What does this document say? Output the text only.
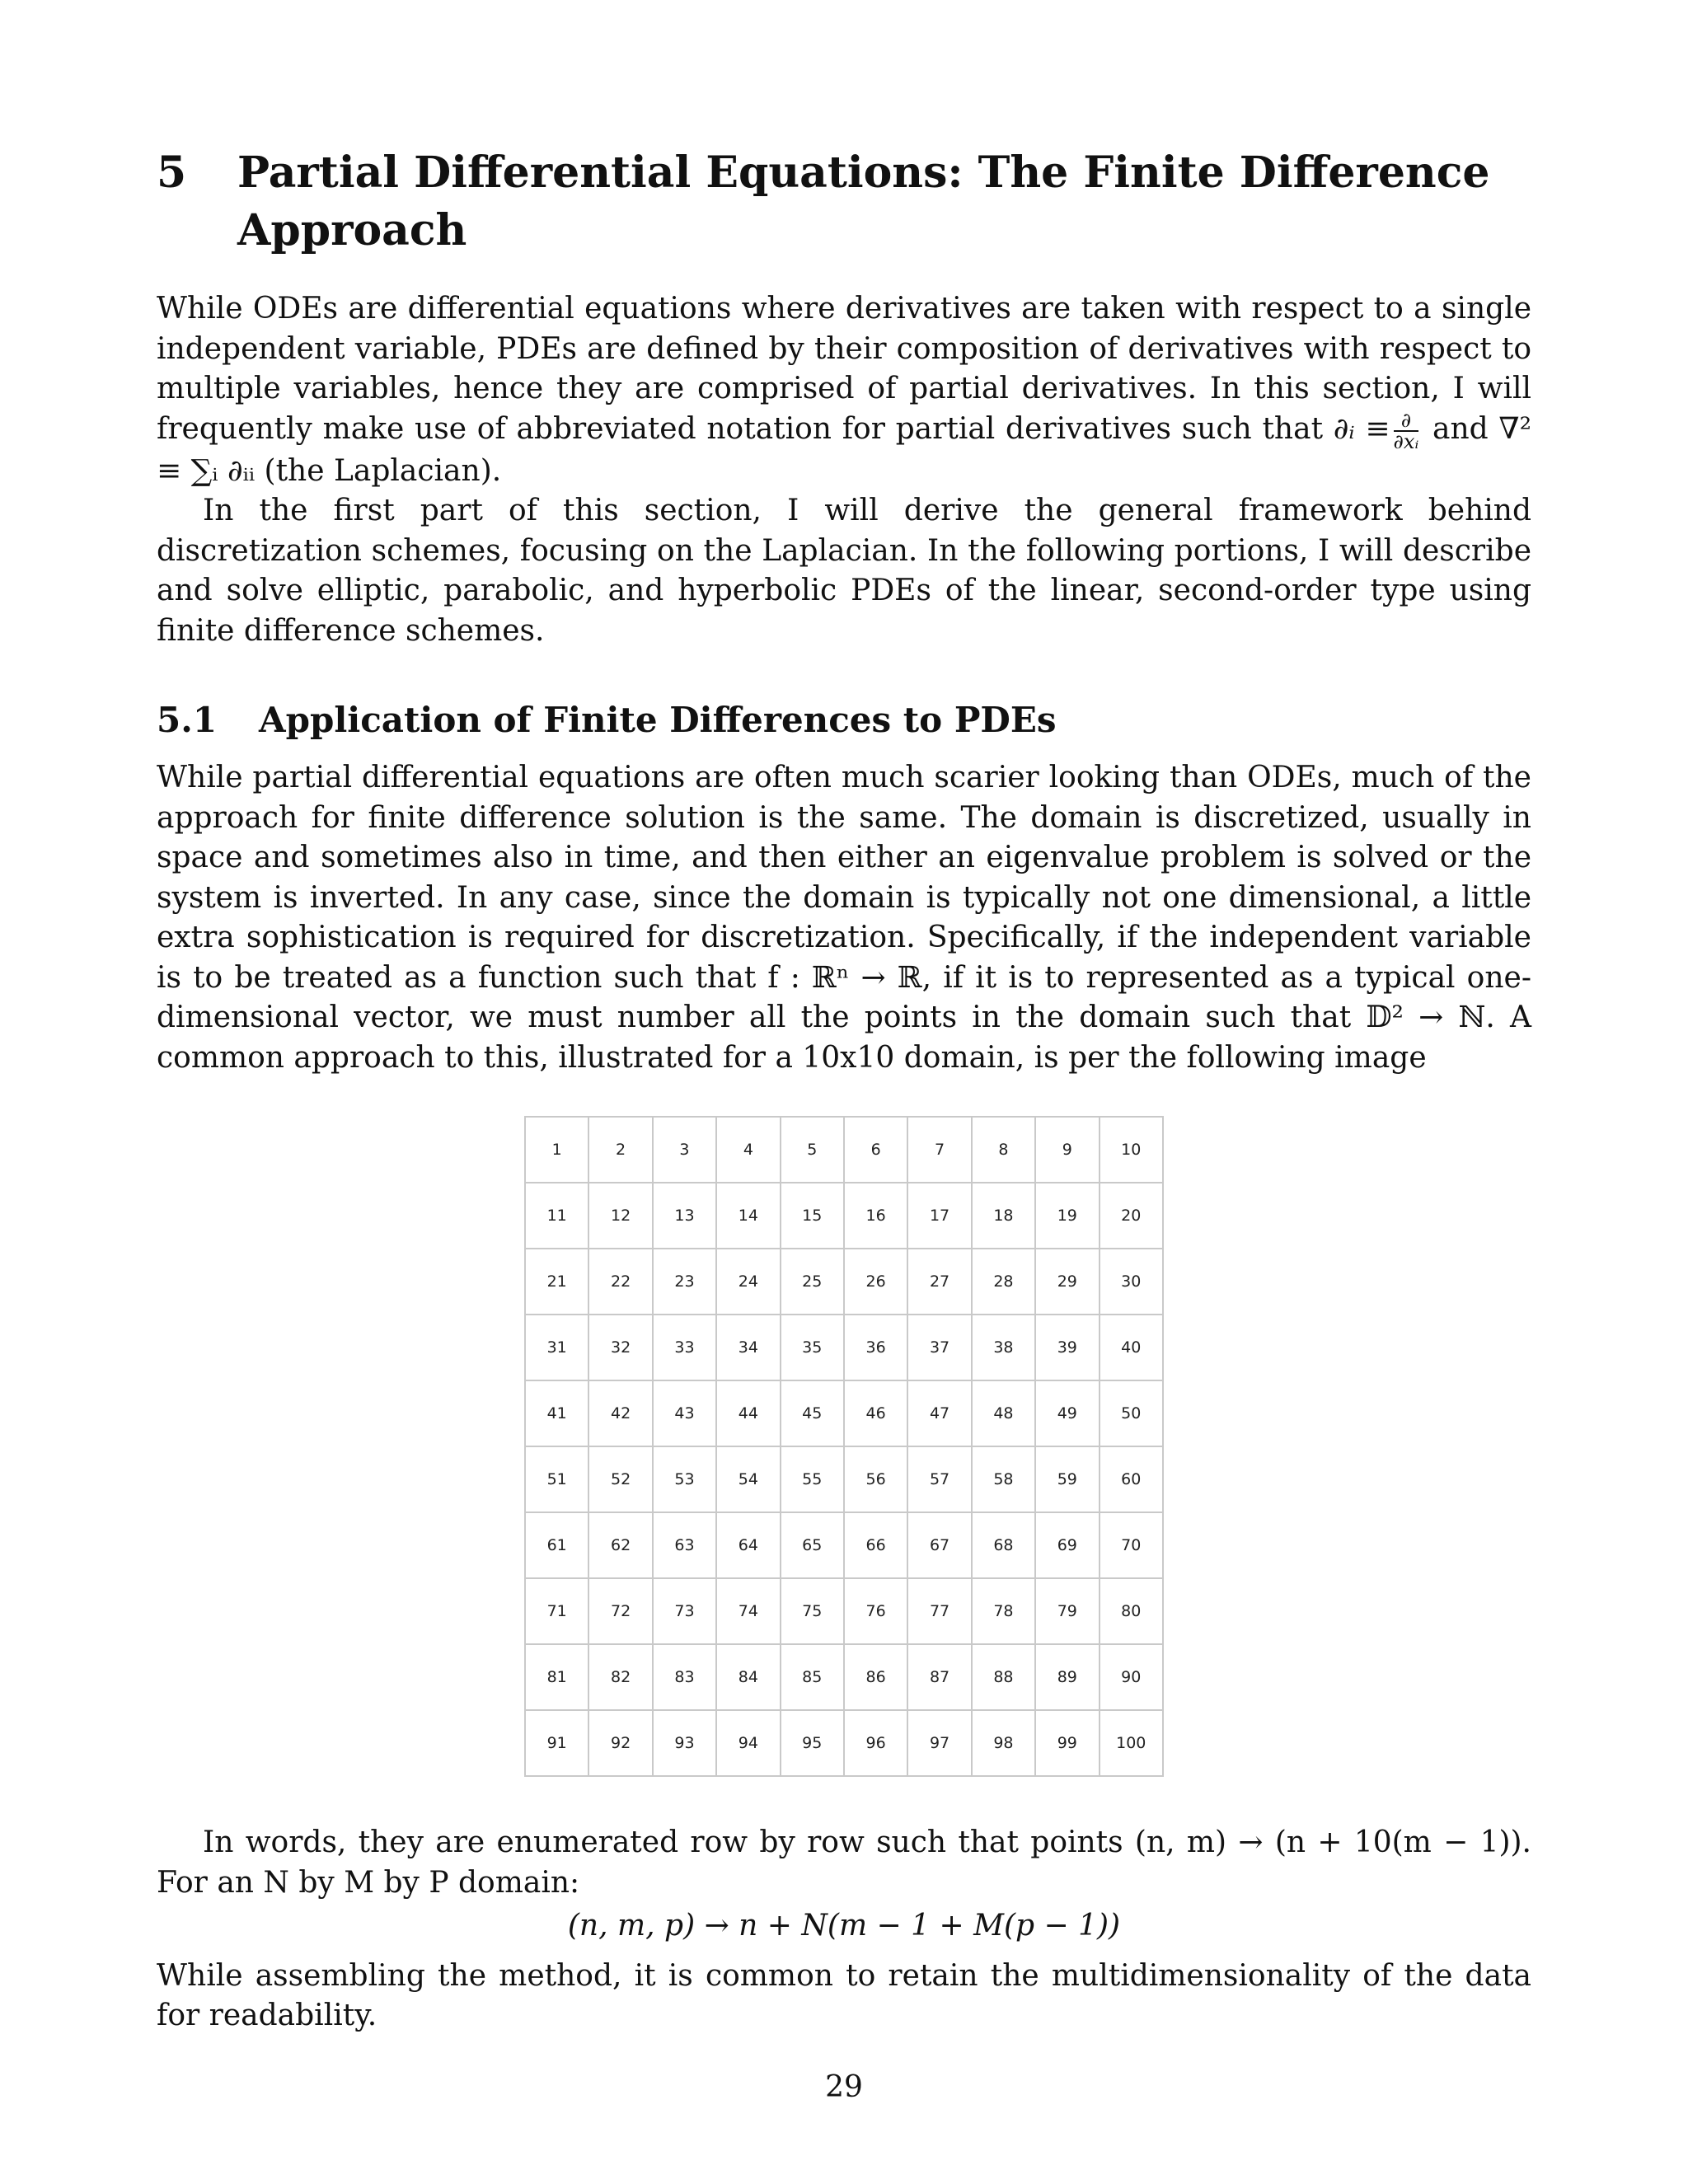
5	Partial Differential Equations: The Finite Difference Approach

While ODEs are differential equations where derivatives are taken with respect to a single independent variable, PDEs are defined by their composition of derivatives with respect to multiple variables, hence they are comprised of partial derivatives. In this section, I will frequently make use of abbreviated notation for partial derivatives such that ∂ᵢ ≡ $\frac{\partial}{\text{∂xᵢ}}$ and ∇² ≡ ∑ᵢ ∂ᵢᵢ (the Laplacian).

In the first part of this section, I will derive the general framework behind discretization schemes, focusing on the Laplacian. In the following portions, I will describe and solve elliptic, parabolic, and hyperbolic PDEs of the linear, second-order type using finite difference schemes.

5.1	Application of Finite Differences to PDEs

While partial differential equations are often much scarier looking than ODEs, much of the approach for finite difference solution is the same. The domain is discretized, usually in space and sometimes also in time, and then either an eigenvalue problem is solved or the system is inverted. In any case, since the domain is typically not one dimensional, a little extra sophistication is required for discretization. Specifically, if the independent variable is to be treated as a function such that f : ℝⁿ → ℝ, if it is to represented as a typical one-dimensional vector, we must number all the points in the domain such that 𝔻² → ℕ. A common approach to this, illustrated for a 10x10 domain, is per the following image

1	2	3	4	5	6	7	8	9	10
11	12	13	14	15	16	17	18	19	20
21	22	23	24	25	26	27	28	29	30
31	32	33	34	35	36	37	38	39	40
41	42	43	44	45	46	47	48	49	50
51	52	53	54	55	56	57	58	59	60
61	62	63	64	65	66	67	68	69	70
71	72	73	74	75	76	77	78	79	80
81	82	83	84	85	86	87	88	89	90
91	92	93	94	95	96	97	98	99	100

In words, they are enumerated row by row such that points (n, m) → (n + 10(m − 1)). For an N by M by P domain:

(n, m, p) → n + N(m − 1 + M(p − 1))

While assembling the method, it is common to retain the multidimensionality of the data for readability.

29
